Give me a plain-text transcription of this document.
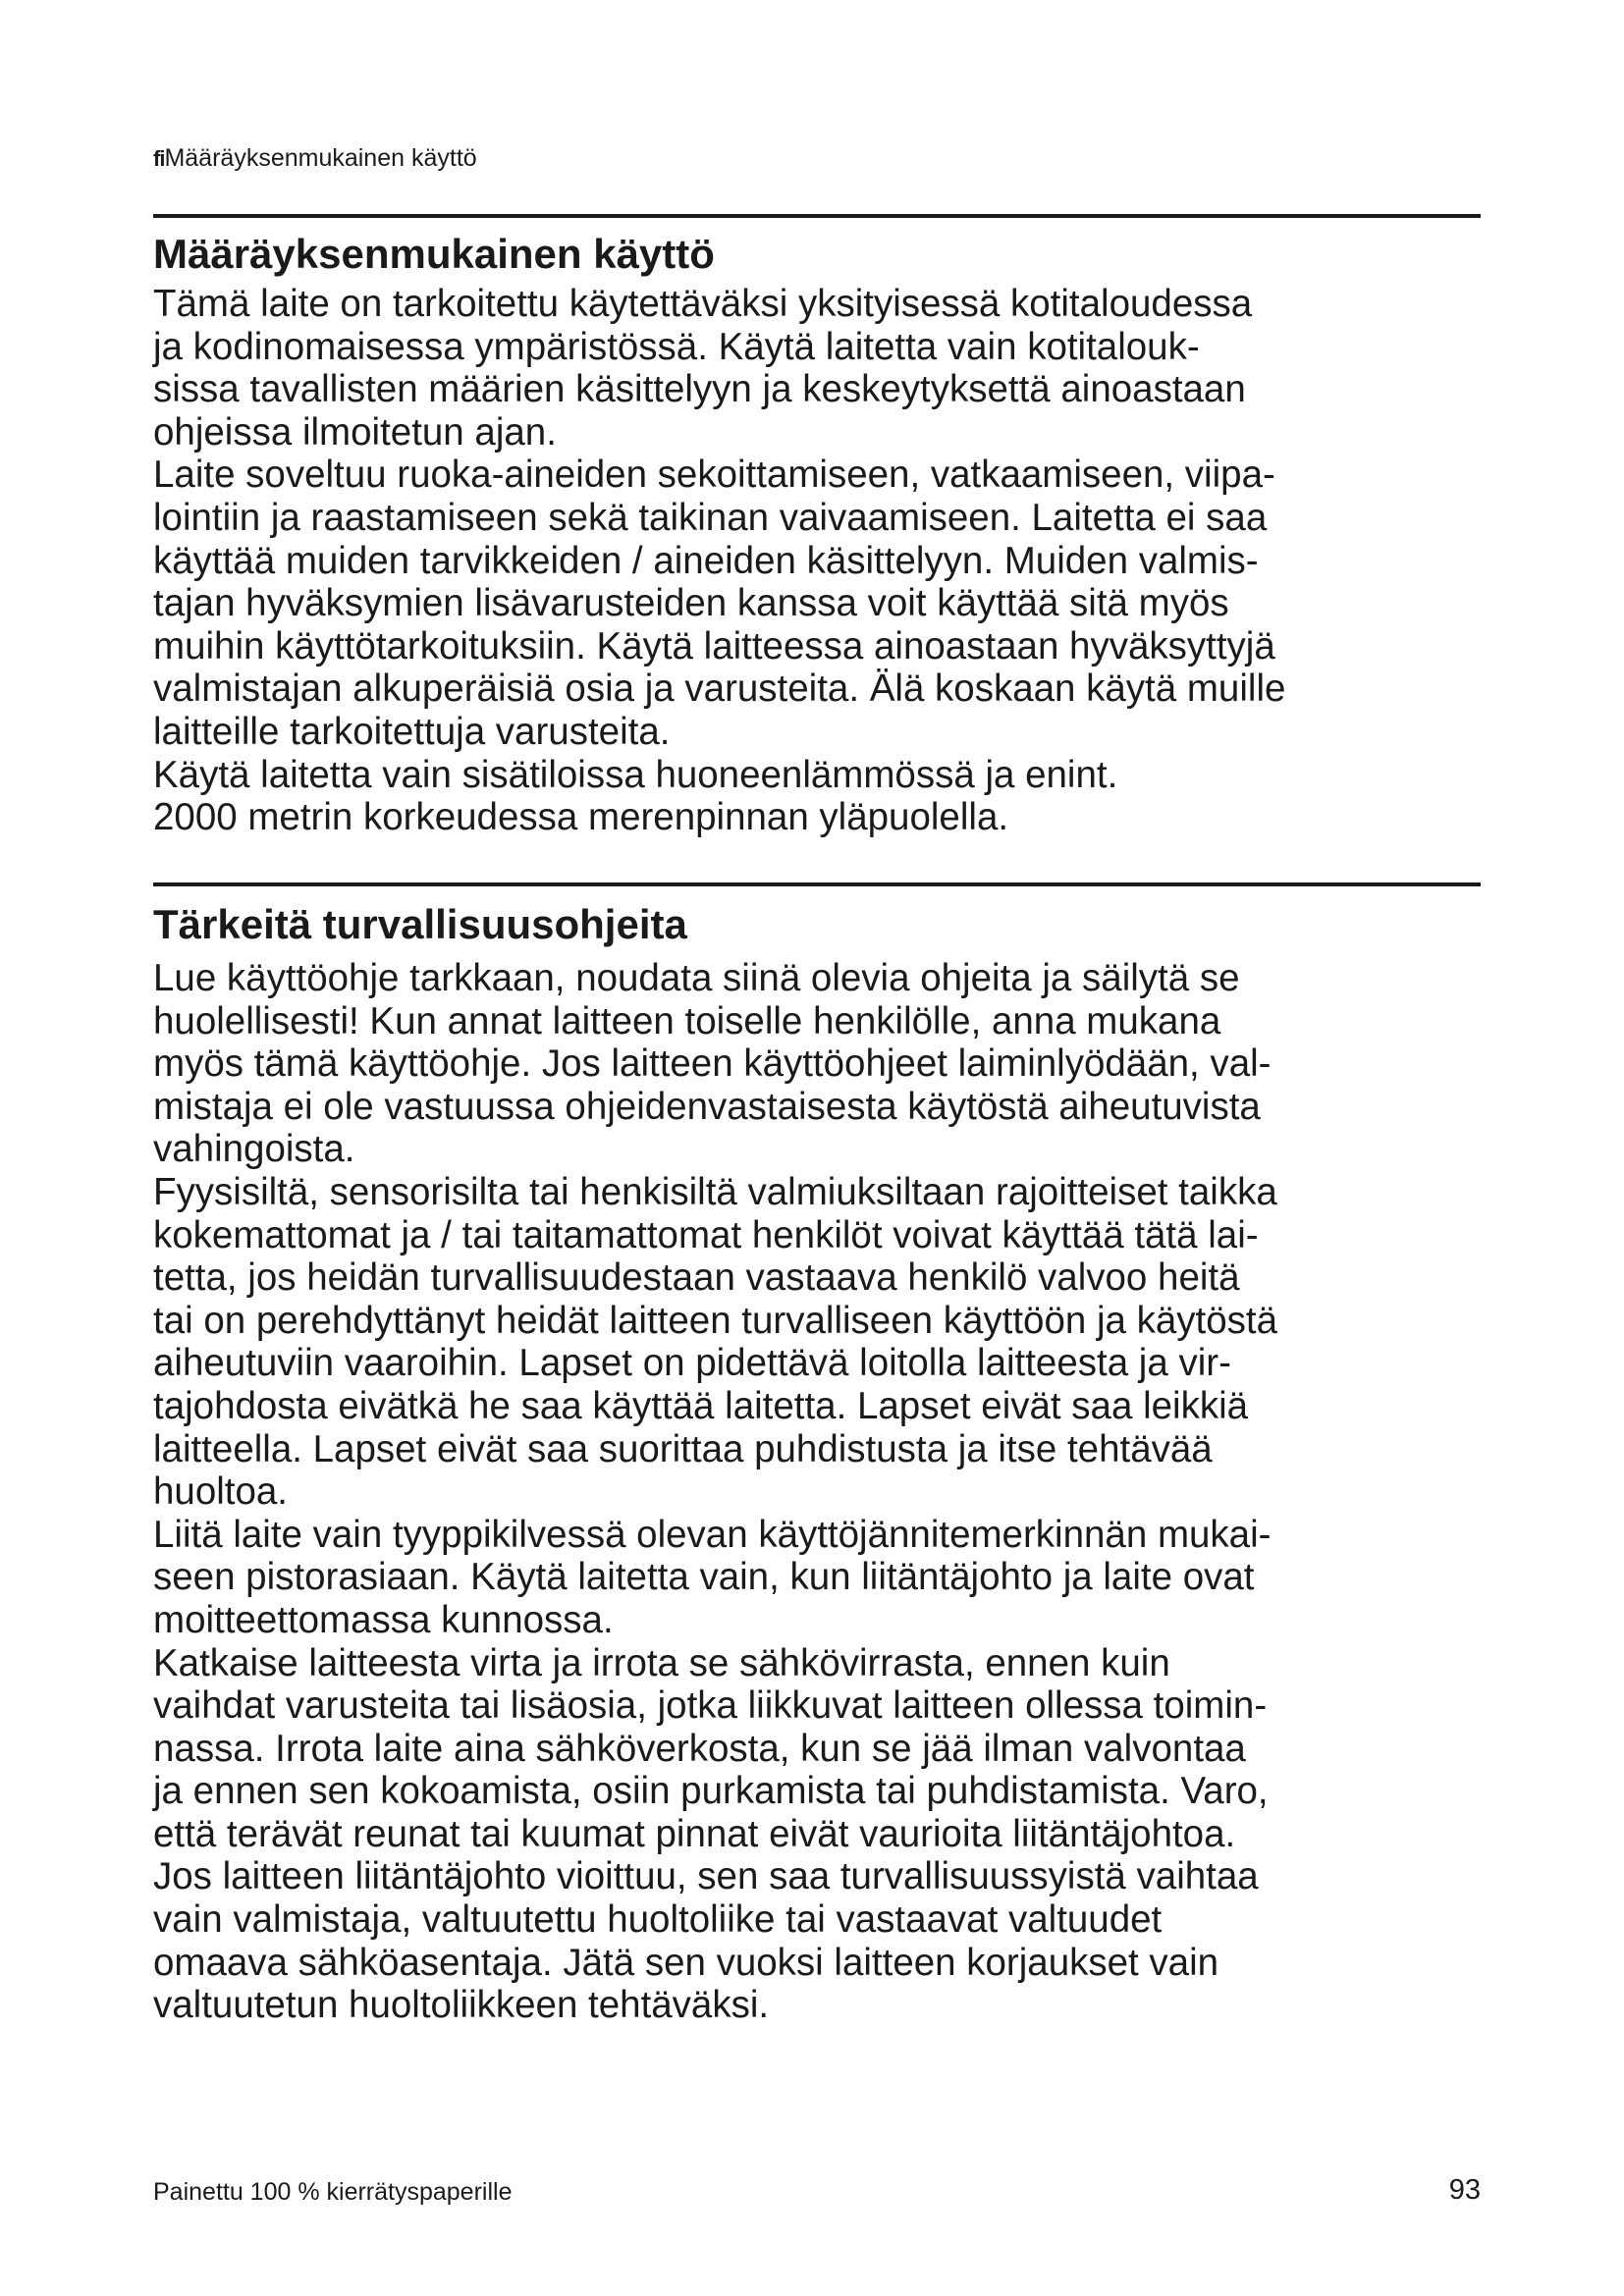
fiMääräyksenmukainen käyttö
Määräyksenmukainen käyttö

Tämä laite on tarkoitettu käytettäväksi yksityisessä kotitaloudessa
ja kodinomaisessa ympäristössä. Käytä laitetta vain kotitalouk-
sissa tavallisten määrien käsittelyyn ja keskeytyksettä ainoastaan
ohjeissa ilmoitetun ajan.

Laite soveltuu ruoka-aineiden sekoittamiseen, vatkaamiseen, viipa-
lointiin ja raastamiseen sekä taikinan vaivaamiseen. Laitetta ei saa
käyttää muiden tarvikkeiden / aineiden käsittelyyn. Muiden valmis-
tajan hyväksymien lisävarusteiden kanssa voit käyttää sitä myös
muihin käyttötarkoituksiin. Käytä laitteessa ainoastaan hyväksyttyjä
valmistajan alkuperäisiä osia ja varusteita. Älä koskaan käytä muille
laitteille tarkoitettuja varusteita.

Käytä laitetta vain sisätiloissa huoneenlämmössä ja enint.
2000 metrin korkeudessa merenpinnan yläpuolella.

Tärkeitä turvallisuusohjeita

Lue käyttöohje tarkkaan, noudata siinä olevia ohjeita ja säilytä se
huolellisesti! Kun annat laitteen toiselle henkilölle, anna mukana
myös tämä käyttöohje. Jos laitteen käyttöohjeet laiminlyödään, val-
mistaja ei ole vastuussa ohjeidenvastaisesta käytöstä aiheutuvista
vahingoista.

Fyysisiltä, sensorisilta tai henkisiltä valmiuksiltaan rajoitteiset taikka
kokemattomat ja / tai taitamattomat henkilöt voivat käyttää tätä lai-
tetta, jos heidän turvallisuudestaan vastaava henkilö valvoo heitä
tai on perehdyttänyt heidät laitteen turvalliseen käyttöön ja käytöstä
aiheutuviin vaaroihin. Lapset on pidettävä loitolla laitteesta ja vir-
tajohdosta eivätkä he saa käyttää laitetta. Lapset eivät saa leikkiä
laitteella. Lapset eivät saa suorittaa puhdistusta ja itse tehtävää
huoltoa.

Liitä laite vain tyyppikilvessä olevan käyttöjännitemerkinnän mukai-
seen pistorasiaan. Käytä laitetta vain, kun liitäntäjohto ja laite ovat
moitteettomassa kunnossa.

Katkaise laitteesta virta ja irrota se sähkövirrasta, ennen kuin
vaihdat varusteita tai lisäosia, jotka liikkuvat laitteen ollessa toimin-
nassa. Irrota laite aina sähköverkosta, kun se jää ilman valvontaa
ja ennen sen kokoamista, osiin purkamista tai puhdistamista. Varo,
että terävät reunat tai kuumat pinnat eivät vaurioita liitäntäjohtoa.

Jos laitteen liitäntäjohto vioittuu, sen saa turvallisuussyistä vaihtaa
vain valmistaja, valtuutettu huoltoliike tai vastaavat valtuudet
omaava sähköasentaja. Jätä sen vuoksi laitteen korjaukset vain
valtuutetun huoltoliikkeen tehtäväksi.

Painettu 100 % kierrätyspaperille	93
